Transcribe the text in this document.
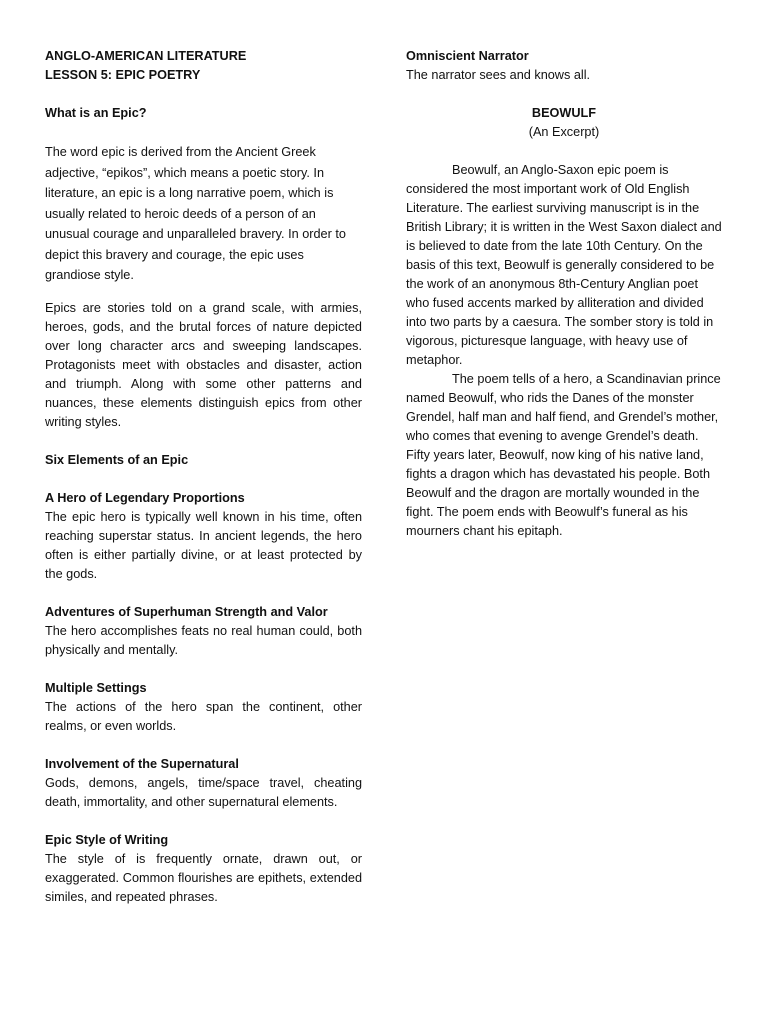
ANGLO-AMERICAN LITERATURE

LESSON 5: EPIC POETRY

What is an Epic?

The word epic is derived from the Ancient Greek adjective, “epikos”, which means a poetic story. In literature, an epic is a long narrative poem, which is usually related to heroic deeds of a person of an unusual courage and unparalleled bravery. In order to depict this bravery and courage, the epic uses grandiose style.

Epics are stories told on a grand scale, with armies, heroes, gods, and the brutal forces of nature depicted over long character arcs and sweeping landscapes. Protagonists meet with obstacles and disaster, action and triumph. Along with some other patterns and nuances, these elements distinguish epics from other writing styles.

Six Elements of an Epic

A Hero of Legendary Proportions

The epic hero is typically well known in his time, often reaching superstar status. In ancient legends, the hero often is either partially divine, or at least protected by the gods.

Adventures of Superhuman Strength and Valor

The hero accomplishes feats no real human could, both physically and mentally.

Multiple Settings

The actions of the hero span the continent, other realms, or even worlds.

Involvement of the Supernatural

Gods, demons, angels, time/space travel, cheating death, immortality, and other supernatural elements.

Epic Style of Writing

The style of is frequently ornate, drawn out, or exaggerated. Common flourishes are epithets, extended similes, and repeated phrases.

Omniscient Narrator

The narrator sees and knows all.

BEOWULF

(An Excerpt)

Beowulf, an Anglo-Saxon epic poem is considered the most important work of Old English Literature. The earliest surviving manuscript is in the British Library; it is written in the West Saxon dialect and is believed to date from the late 10th Century. On the basis of this text, Beowulf is generally considered to be the work of an anonymous 8th-Century Anglian poet who fused accents marked by alliteration and divided into two parts by a caesura. The somber story is told in vigorous, picturesque language, with heavy use of metaphor.

The poem tells of a hero, a Scandinavian prince named Beowulf, who rids the Danes of the monster Grendel, half man and half fiend, and Grendel’s mother, who comes that evening to avenge Grendel’s death. Fifty years later, Beowulf, now king of his native land, fights a dragon which has devastated his people. Both Beowulf and the dragon are mortally wounded in the fight. The poem ends with Beowulf’s funeral as his mourners chant his epitaph.
